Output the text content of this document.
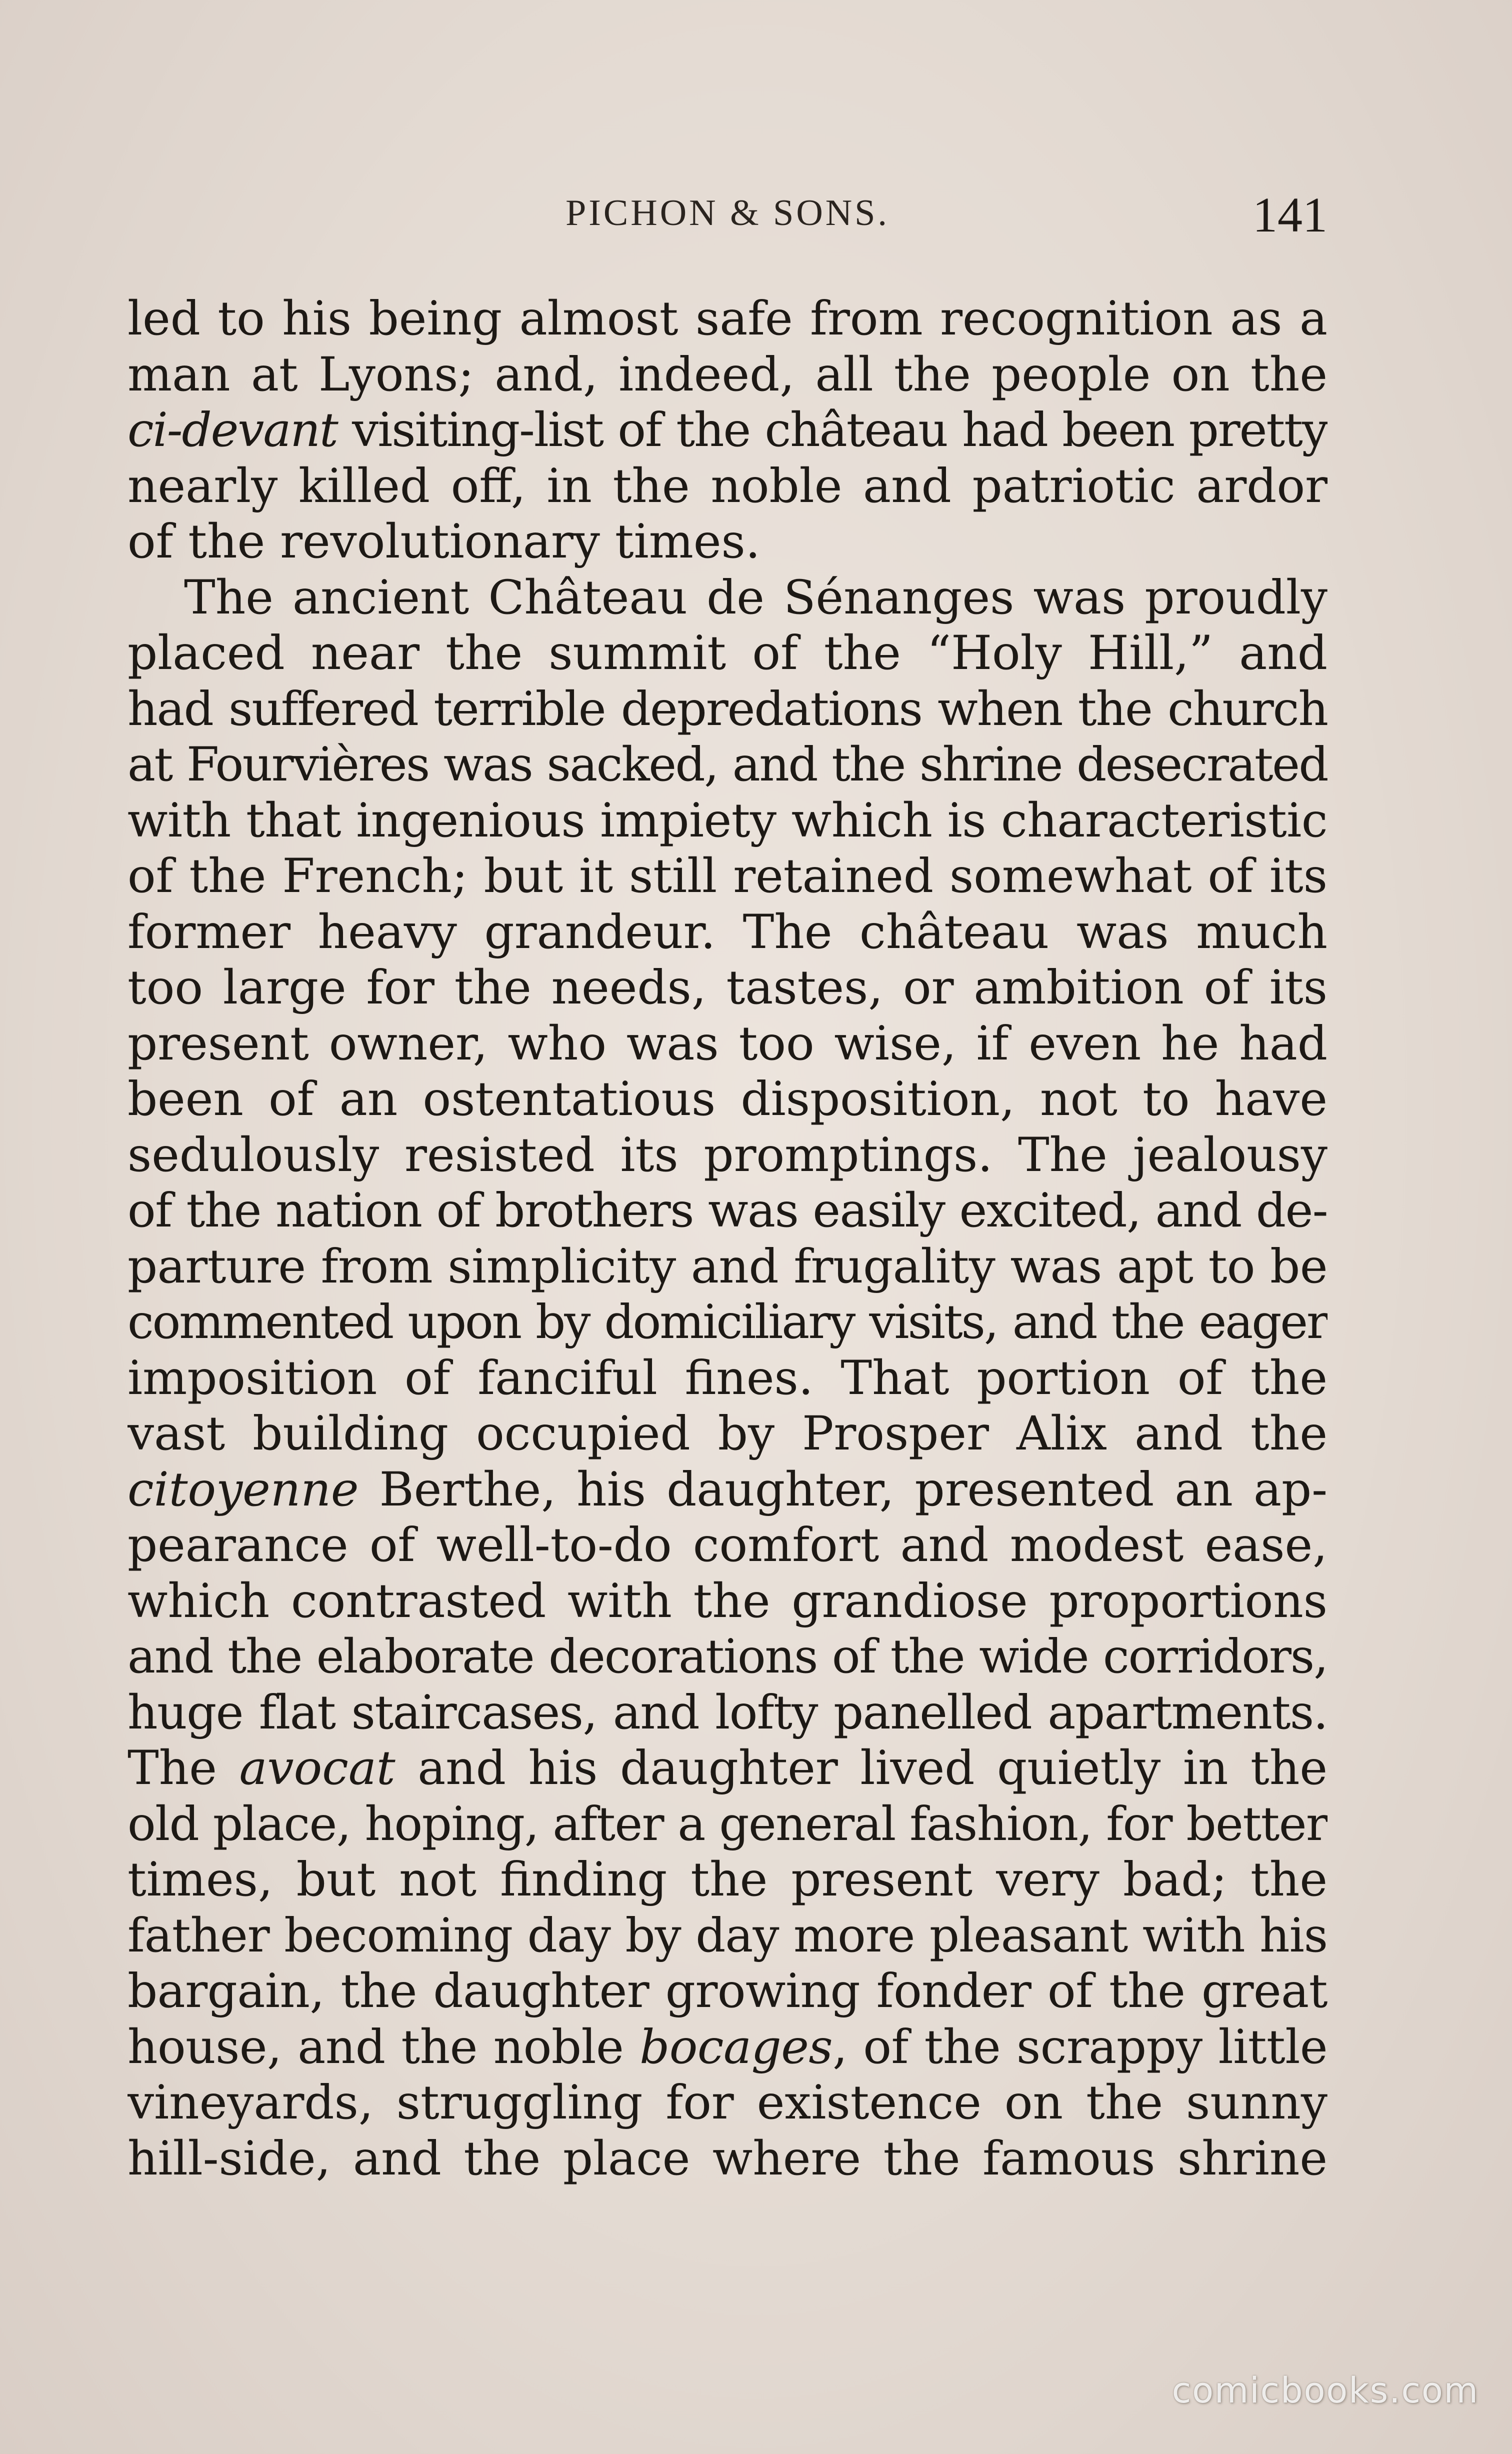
PICHON & SONS.	141
led to his being almost safe from recognition as a
man at Lyons; and, indeed, all the people on the
ci-devant visiting-list of the château had been pretty
nearly killed off, in the noble and patriotic ardor
of the revolutionary times.
The ancient Château de Sénanges was proudly
placed near the summit of the “Holy Hill,” and
had suffered terrible depredations when the church
at Fourvières was sacked, and the shrine desecrated
with that ingenious impiety which is characteristic
of the French; but it still retained somewhat of its
former heavy grandeur. The château was much
too large for the needs, tastes, or ambition of its
present owner, who was too wise, if even he had
been of an ostentatious disposition, not to have
sedulously resisted its promptings. The jealousy
of the nation of brothers was easily excited, and de-
parture from simplicity and frugality was apt to be
commented upon by domiciliary visits, and the eager
imposition of fanciful fines. That portion of the
vast building occupied by Prosper Alix and the
citoyenne Berthe, his daughter, presented an ap-
pearance of well-to-do comfort and modest ease,
which contrasted with the grandiose proportions
and the elaborate decorations of the wide corridors,
huge flat staircases, and lofty panelled apartments.
The avocat and his daughter lived quietly in the
old place, hoping, after a general fashion, for better
times, but not finding the present very bad; the
father becoming day by day more pleasant with his
bargain, the daughter growing fonder of the great
house, and the noble bocages, of the scrappy little
vineyards, struggling for existence on the sunny
hill-side, and the place where the famous shrine
comicbooks.com
